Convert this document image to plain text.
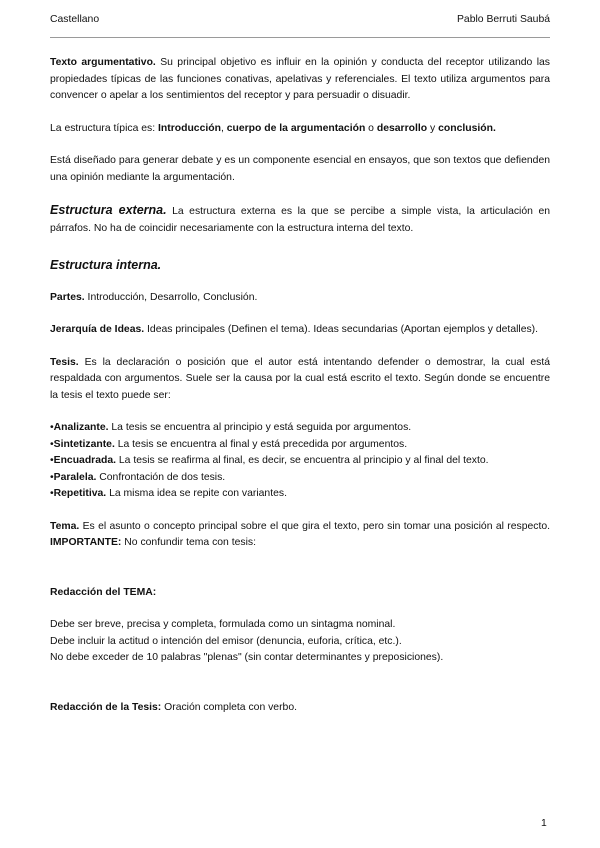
Castellano	Pablo Berruti Saubá

Texto argumentativo. Su principal objetivo es influir en la opinión y conducta del receptor utilizando las propiedades típicas de las funciones conativas, apelativas y referenciales. El texto utiliza argumentos para convencer o apelar a los sentimientos del receptor y para persuadir o disuadir.

La estructura típica es: Introducción, cuerpo de la argumentación o desarrollo y conclusión.

Está diseñado para generar debate y es un componente esencial en ensayos, que son textos que defienden una opinión mediante la argumentación.

Estructura externa. La estructura externa es la que se percibe a simple vista, la articulación en párrafos. No ha de coincidir necesariamente con la estructura interna del texto.

Estructura interna.

Partes. Introducción, Desarrollo, Conclusión.

Jerarquía de Ideas. Ideas principales (Definen el tema). Ideas secundarias (Aportan ejemplos y detalles).

Tesis. Es la declaración o posición que el autor está intentando defender o demostrar, la cual está respaldada con argumentos. Suele ser la causa por la cual está escrito el texto. Según donde se encuentre la tesis el texto puede ser:

•Analizante. La tesis se encuentra al principio y está seguida por argumentos.
•Sintetizante. La tesis se encuentra al final y está precedida por argumentos.
•Encuadrada. La tesis se reafirma al final, es decir, se encuentra al principio y al final del texto.
•Paralela. Confrontación de dos tesis.
•Repetitiva. La misma idea se repite con variantes.

Tema. Es el asunto o concepto principal sobre el que gira el texto, pero sin tomar una posición al respecto. IMPORTANTE: No confundir tema con tesis:

Redacción del TEMA:

Debe ser breve, precisa y completa, formulada como un sintagma nominal.
Debe incluir la actitud o intención del emisor (denuncia, euforia, crítica, etc.).
No debe exceder de 10 palabras "plenas" (sin contar determinantes y preposiciones).

Redacción de la Tesis: Oración completa con verbo.

1
